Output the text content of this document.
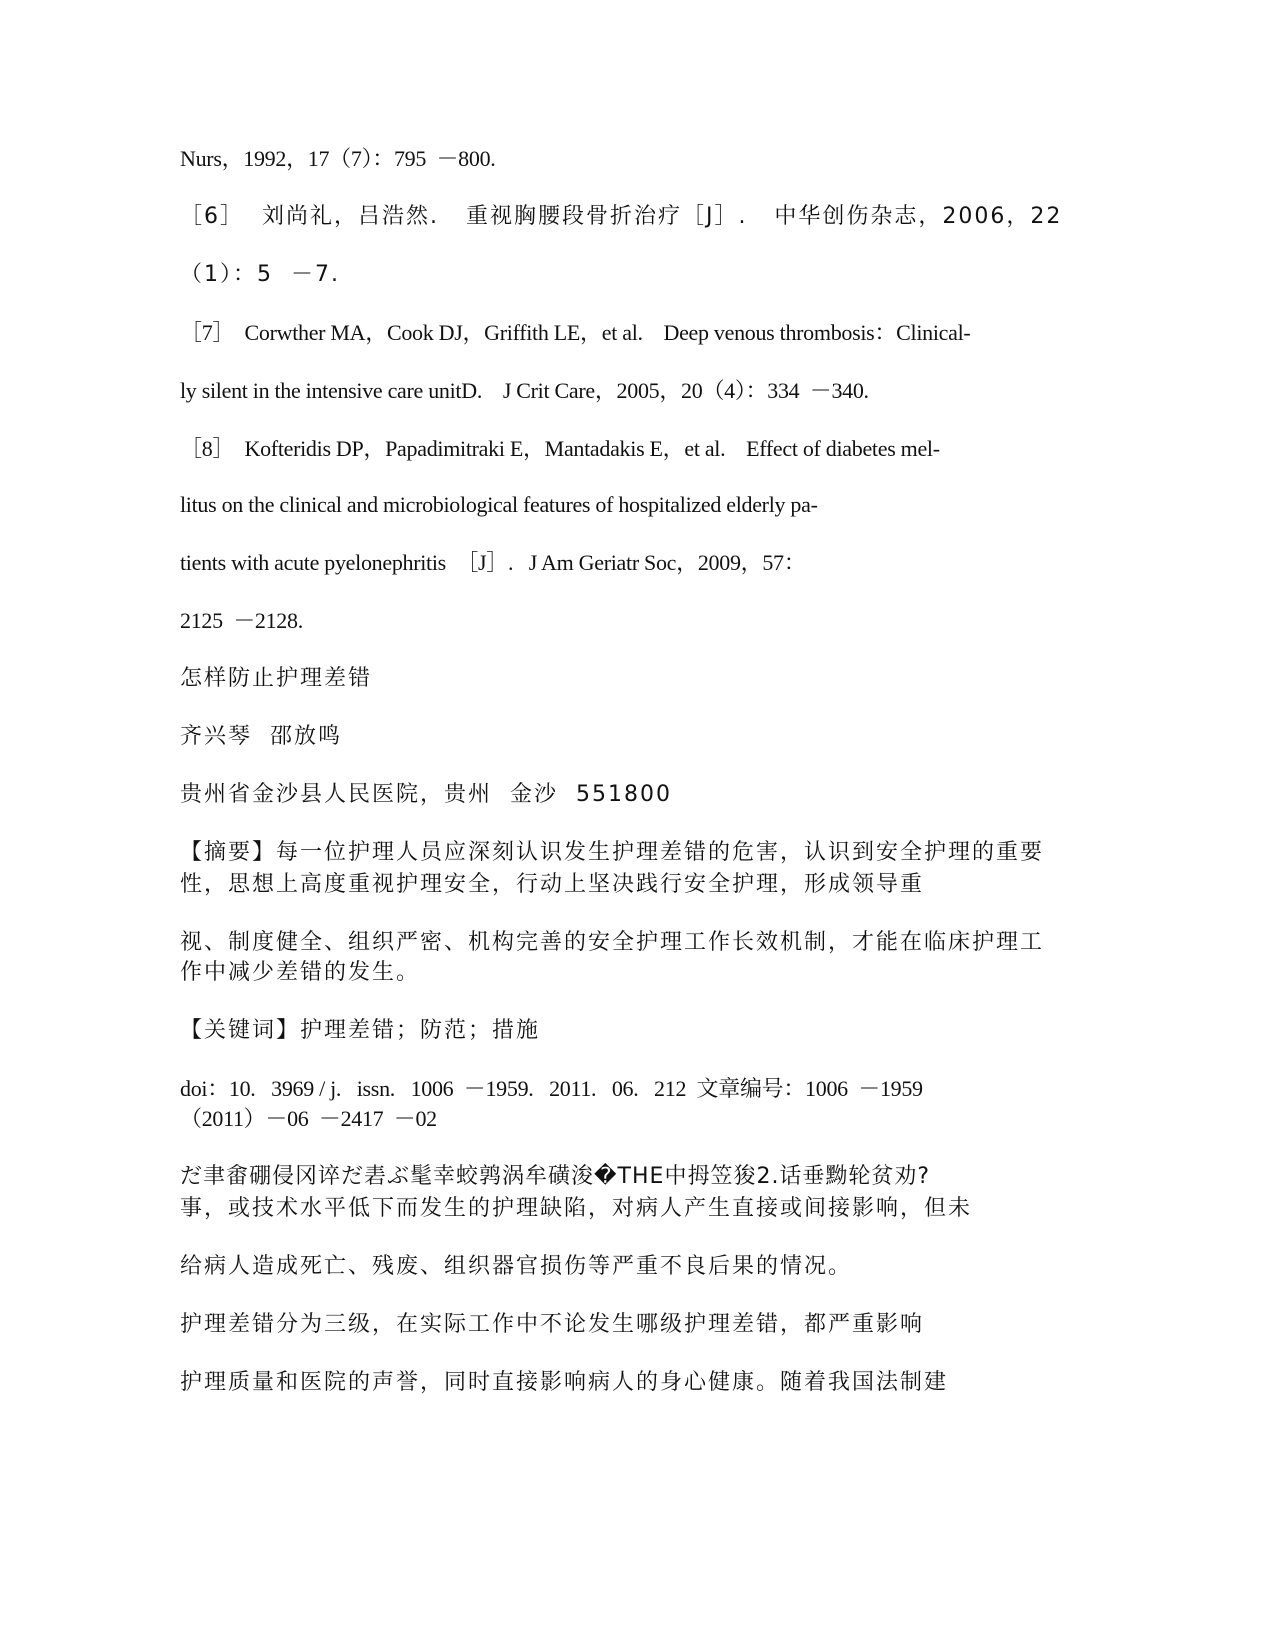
Nurs，1992，17（7）：795  －800.
［6］  刘尚礼，吕浩然.   重视胸腰段骨折治疗［J］.   中华创伤杂志，2006，22
（1）：5  －7.
［7］  Corwther MA，Cook DJ，Griffith LE，et al.    Deep venous thrombosis：Clinical-
ly silent in the intensive care unitD.    J Crit Care，2005，20（4）：334  －340.
［8］  Kofteridis DP，Papadimitraki E，Mantadakis E，et al.    Effect of diabetes mel-
litus on the clinical and microbiological features of hospitalized elderly pa-
tients with acute pyelonephritis  ［J］.   J Am Geriatr Soc，2009，57：
2125  －2128.
怎样防止护理差错
齐兴琴  邵放鸣
贵州省金沙县人民医院，贵州  金沙  551800
【摘要】每一位护理人员应深刻认识发生护理差错的危害，认识到安全护理的重要
性，思想上高度重视护理安全，行动上坚决践行安全护理，形成领导重
视、制度健全、组织严密、机构完善的安全护理工作长效机制，才能在临床护理工
作中减少差错的发生。
【关键词】护理差错；防范；措施
doi：10.   3969 / j.   issn.   1006  －1959.   2011.   06.   212  文章编号：1006  －1959
（2011）－06  －2417  －02
だ聿畬硼侵冈谇だ砉ぶ髦幸蛟鹑涡牟磺浚�THE中拇笠狻2.话垂黝轮贫劝?
事，或技术水平低下而发生的护理缺陷，对病人产生直接或间接影响，但未
给病人造成死亡、残废、组织器官损伤等严重不良后果的情况。
护理差错分为三级，在实际工作中不论发生哪级护理差错，都严重影响
护理质量和医院的声誉，同时直接影响病人的身心健康。随着我国法制建
